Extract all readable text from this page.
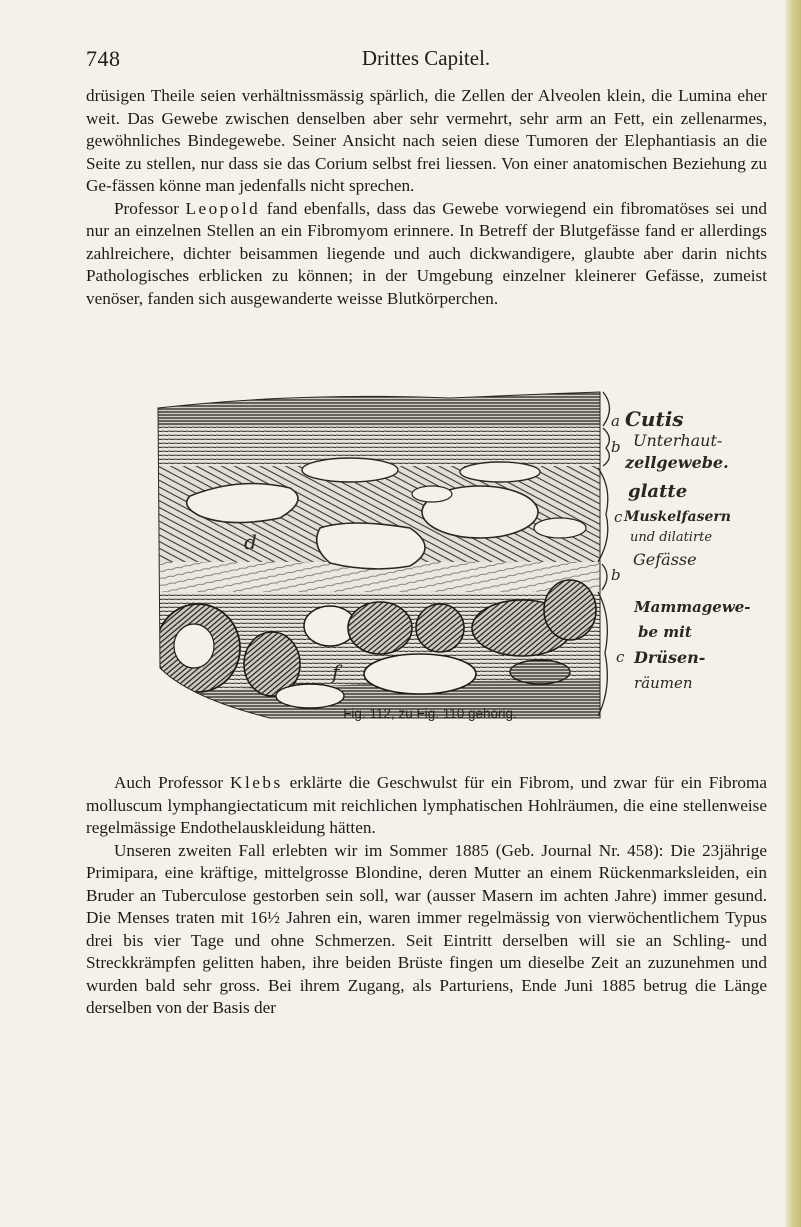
748	Drittes Capitel.

drüsigen Theile seien verhältnissmässig spärlich, die Zellen der Alveolen klein, die Lumina eher weit. Das Gewebe zwischen denselben aber sehr vermehrt, sehr arm an Fett, ein zellenarmes, gewöhnliches Bindegewebe. Seiner Ansicht nach seien diese Tumoren der Elephantiasis an die Seite zu stellen, nur dass sie das Corium selbst frei liessen. Von einer anatomischen Beziehung zu Ge-fässen könne man jedenfalls nicht sprechen.

Professor Leopold fand ebenfalls, dass das Gewebe vorwiegend ein fibromatöses sei und nur an einzelnen Stellen an ein Fibromyom erinnere. In Betreff der Blutgefässe fand er allerdings zahlreichere, dichter beisammen liegende und auch dickwandigere, glaubte aber darin nichts Pathologisches erblicken zu können; in der Umgebung einzelner kleinerer Gefässe, zumeist venöser, fanden sich ausgewanderte weisse Blutkörperchen.

a Cutis
b Unterhaut-
zellgewebe.
glatte
c Muskelfasern
und dilatirte
Gefässe
b
Mammagewe-
be mit
c Drüsen-
räumen
d
f
Fig. 112, zu Fig. 110 gehörig.

Auch Professor Klebs erklärte die Geschwulst für ein Fibrom, und zwar für ein Fibroma molluscum lymphangiectaticum mit reichlichen lymphatischen Hohlräumen, die eine stellenweise regelmässige Endothelauskleidung hätten.

Unseren zweiten Fall erlebten wir im Sommer 1885 (Geb. Journal Nr. 458): Die 23jährige Primipara, eine kräftige, mittelgrosse Blondine, deren Mutter an einem Rückenmarksleiden, ein Bruder an Tuberculose gestorben sein soll, war (ausser Masern im achten Jahre) immer gesund. Die Menses traten mit 16½ Jahren ein, waren immer regelmässig von vierwöchentlichem Typus drei bis vier Tage und ohne Schmerzen. Seit Eintritt derselben will sie an Schling- und Streckkrämpfen gelitten haben, ihre beiden Brüste fingen um dieselbe Zeit an zuzunehmen und wurden bald sehr gross. Bei ihrem Zugang, als Parturiens, Ende Juni 1885 betrug die Länge derselben von der Basis der
